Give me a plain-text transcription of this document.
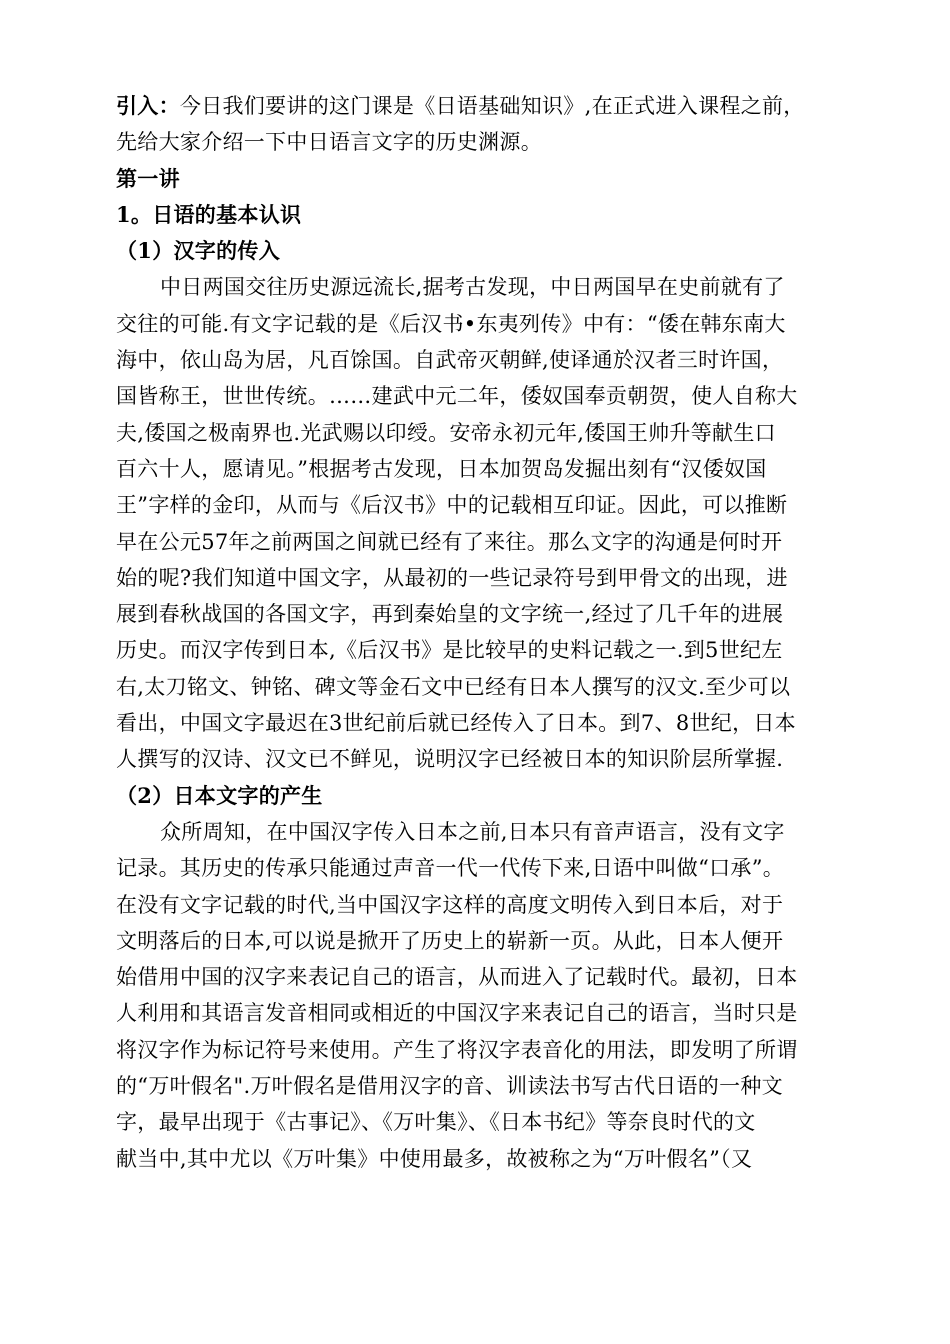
引入：今日我们要讲的这门课是《日语基础知识》,在正式进入课程之前，
先给大家介绍一下中日语言文字的历史渊源。
第一讲
1。日语的基本认识
（1）汉字的传入
中日两国交往历史源远流长,据考古发现，中日两国早在史前就有了
交往的可能.有文字记载的是《后汉书•东夷列传》中有：“倭在韩东南大
海中，依山岛为居，凡百馀国。自武帝灭朝鲜,使译通於汉者三时许国，
国皆称王，世世传统。……建武中元二年，倭奴国奉贡朝贺，使人自称大
夫,倭国之极南界也.光武赐以印绶。安帝永初元年,倭国王帅升等献生口
百六十人，愿请见。”根据考古发现，日本加贺岛发掘出刻有“汉倭奴国
王”字样的金印，从而与《后汉书》中的记载相互印证。因此，可以推断
早在公元57年之前两国之间就已经有了来往。那么文字的沟通是何时开
始的呢?我们知道中国文字，从最初的一些记录符号到甲骨文的出现，进
展到春秋战国的各国文字，再到秦始皇的文字统一,经过了几千年的进展
历史。而汉字传到日本,《后汉书》是比较早的史料记载之一.到5世纪左
右,太刀铭文、钟铭、碑文等金石文中已经有日本人撰写的汉文.至少可以
看出，中国文字最迟在3世纪前后就已经传入了日本。到7、8世纪，日本
人撰写的汉诗、汉文已不鲜见，说明汉字已经被日本的知识阶层所掌握.
（2）日本文字的产生
众所周知，在中国汉字传入日本之前,日本只有音声语言，没有文字
记录。其历史的传承只能通过声音一代一代传下来,日语中叫做“口承”。
在没有文字记载的时代,当中国汉字这样的高度文明传入到日本后，对于
文明落后的日本,可以说是掀开了历史上的崭新一页。从此，日本人便开
始借用中国的汉字来表记自己的语言，从而进入了记载时代。最初，日本
人利用和其语言发音相同或相近的中国汉字来表记自己的语言，当时只是
将汉字作为标记符号来使用。产生了将汉字表音化的用法，即发明了所谓
的“万叶假名".万叶假名是借用汉字的音、训读法书写古代日语的一种文
字，最早出现于《古事记》、《万叶集》、《日本书纪》等奈良时代的文
献当中,其中尤以《万叶集》中使用最多，故被称之为“万叶假名”（又
